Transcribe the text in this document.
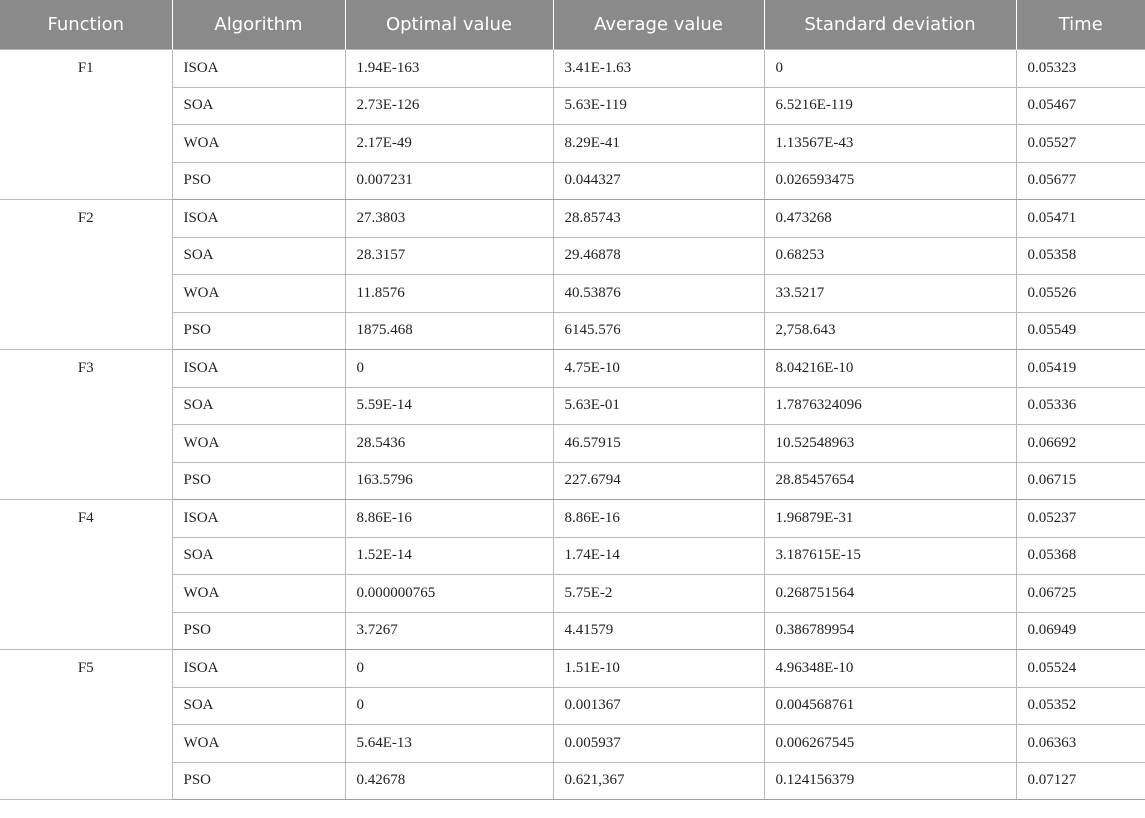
Function	Algorithm	Optimal value	Average value	Standard deviation	Time
F1	ISOA	1.94E-163	3.41E-1.63	0	0.05323
	SOA	2.73E-126	5.63E-119	6.5216E-119	0.05467
	WOA	2.17E-49	8.29E-41	1.13567E-43	0.05527
	PSO	0.007231	0.044327	0.026593475	0.05677
F2	ISOA	27.3803	28.85743	0.473268	0.05471
	SOA	28.3157	29.46878	0.68253	0.05358
	WOA	11.8576	40.53876	33.5217	0.05526
	PSO	1875.468	6145.576	2,758.643	0.05549
F3	ISOA	0	4.75E-10	8.04216E-10	0.05419
	SOA	5.59E-14	5.63E-01	1.7876324096	0.05336
	WOA	28.5436	46.57915	10.52548963	0.06692
	PSO	163.5796	227.6794	28.85457654	0.06715
F4	ISOA	8.86E-16	8.86E-16	1.96879E-31	0.05237
	SOA	1.52E-14	1.74E-14	3.187615E-15	0.05368
	WOA	0.000000765	5.75E-2	0.268751564	0.06725
	PSO	3.7267	4.41579	0.386789954	0.06949
F5	ISOA	0	1.51E-10	4.96348E-10	0.05524
	SOA	0	0.001367	0.004568761	0.05352
	WOA	5.64E-13	0.005937	0.006267545	0.06363
	PSO	0.42678	0.621,367	0.124156379	0.07127
